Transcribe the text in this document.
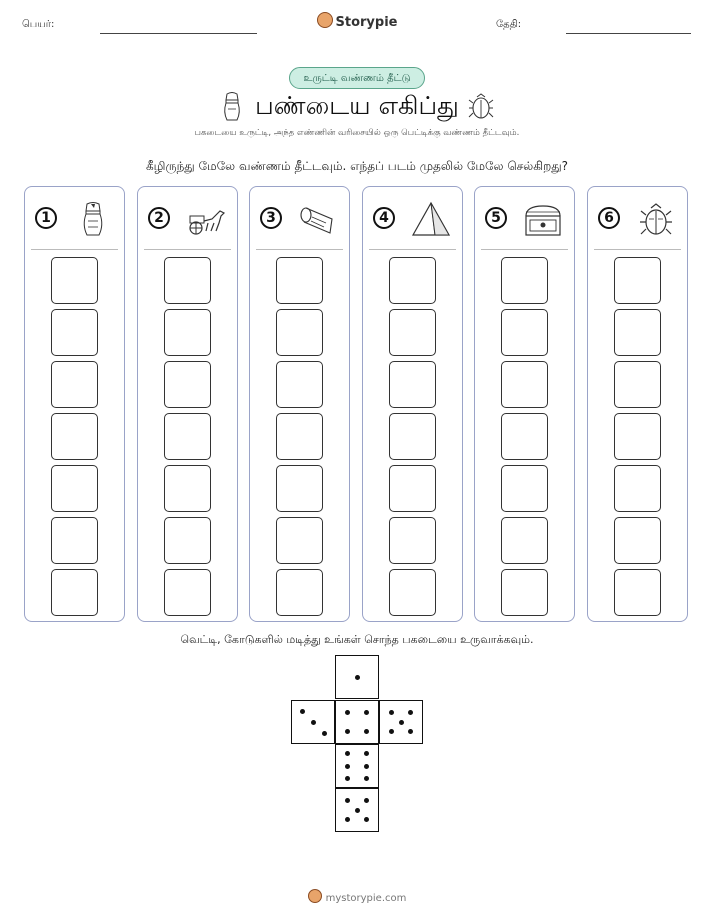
பெயர்:	Storypie	தேதி:
உருட்டி வண்ணம் தீட்டு
பண்டைய எகிப்து
பகடையை உருட்டி, அந்த எண்ணின் வரிசையில் ஒரு பெட்டிக்கு வண்ணம் தீட்டவும்.
கீழிருந்து மேலே வண்ணம் தீட்டவும். எந்தப் படம் முதலில் மேலே செல்கிறது?
1	2	3	4	5	6
வெட்டி, கோடுகளில் மடித்து உங்கள் சொந்த பகடையை உருவாக்கவும்.
mystorypie.com
